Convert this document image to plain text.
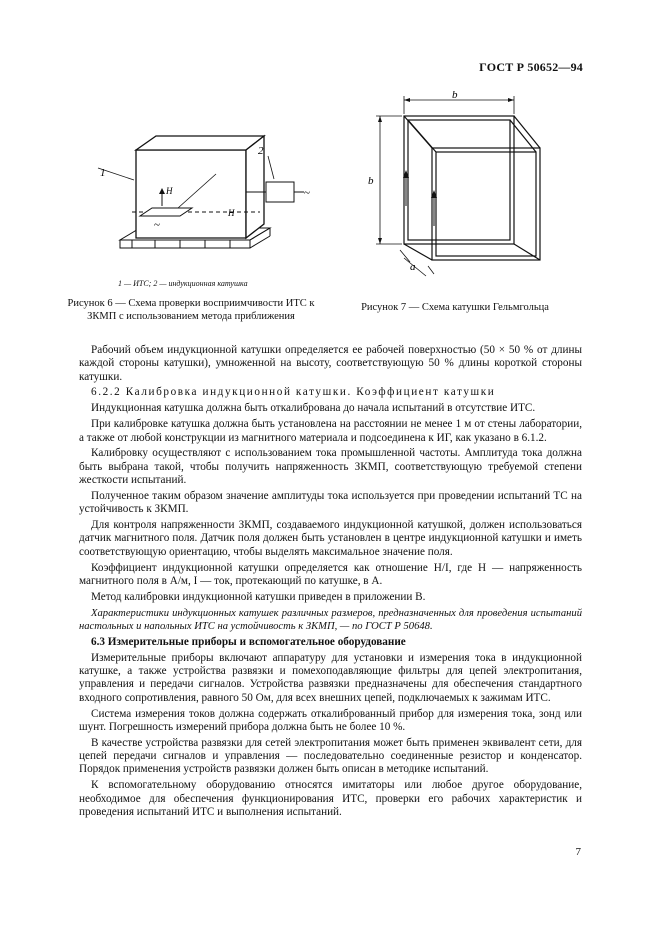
ГОСТ Р 50652—94
1
2
H
H
~
~
1 — ИТС; 2 — индукционная катушка
Рисунок 6 — Схема проверки восприимчивости ИТС к ЗКМП с использованием метода приближения
b
b
a
Рисунок 7 — Схема катушки Гельмгольца

Рабочий объем индукционной катушки определяется ее рабочей поверхностью (50 × 50 % от длины каждой стороны катушки), умноженной на высоту, соответствующую 50 % длины короткой стороны катушки.

6.2.2 Калибровка индукционной катушки. Коэффициент катушки

Индукционная катушка должна быть откалибрована до начала испытаний в отсутствие ИТС.

При калибровке катушка должна быть установлена на расстоянии не менее 1 м от стены лаборатории, а также от любой конструкции из магнитного материала и подсоединена к ИГ, как указано в 6.1.2.

Калибровку осуществляют с использованием тока промышленной частоты. Амплитуда тока должна быть выбрана такой, чтобы получить напряженность ЗКМП, соответствующую требуемой степени жесткости испытаний.

Полученное таким образом значение амплитуды тока используется при проведении испытаний ТС на устойчивость к ЗКМП.

Для контроля напряженности ЗКМП, создаваемого индукционной катушкой, должен использоваться датчик магнитного поля. Датчик поля должен быть установлен в центре индукционной катушки и иметь соответствующую ориентацию, чтобы выделять максимальное значение поля.

Коэффициент индукционной катушки определяется как отношение H/I, где H — напряженность магнитного поля в А/м, I — ток, протекающий по катушке, в А.

Метод калибровки индукционной катушки приведен в приложении В.

Характеристики индукционных катушек различных размеров, предназначенных для проведения испытаний настольных и напольных ИТС на устойчивость к ЗКМП, — по ГОСТ Р 50648.

6.3 Измерительные приборы и вспомогательное оборудование

Измерительные приборы включают аппаратуру для установки и измерения тока в индукционной катушке, а также устройства развязки и помехоподавляющие фильтры для цепей электропитания, управления и передачи сигналов. Устройства развязки предназначены для обеспечения стандартного входного сопротивления, равного 50 Ом, для всех внешних цепей, подключаемых к зажимам ИТС.

Система измерения токов должна содержать откалиброванный прибор для измерения тока, зонд или шунт. Погрешность измерений прибора должна быть не более 10 %.

В качестве устройства развязки для сетей электропитания может быть применен эквивалент сети, для цепей передачи сигналов и управления — последовательно соединенные резистор и конденсатор. Порядок применения устройств развязки должен быть описан в методике испытаний.

К вспомогательному оборудованию относятся имитаторы или любое другое оборудование, необходимое для обеспечения функционирования ИТС, проверки его рабочих характеристик и проведения испытаний ИТС и выполнения испытаний.

7
